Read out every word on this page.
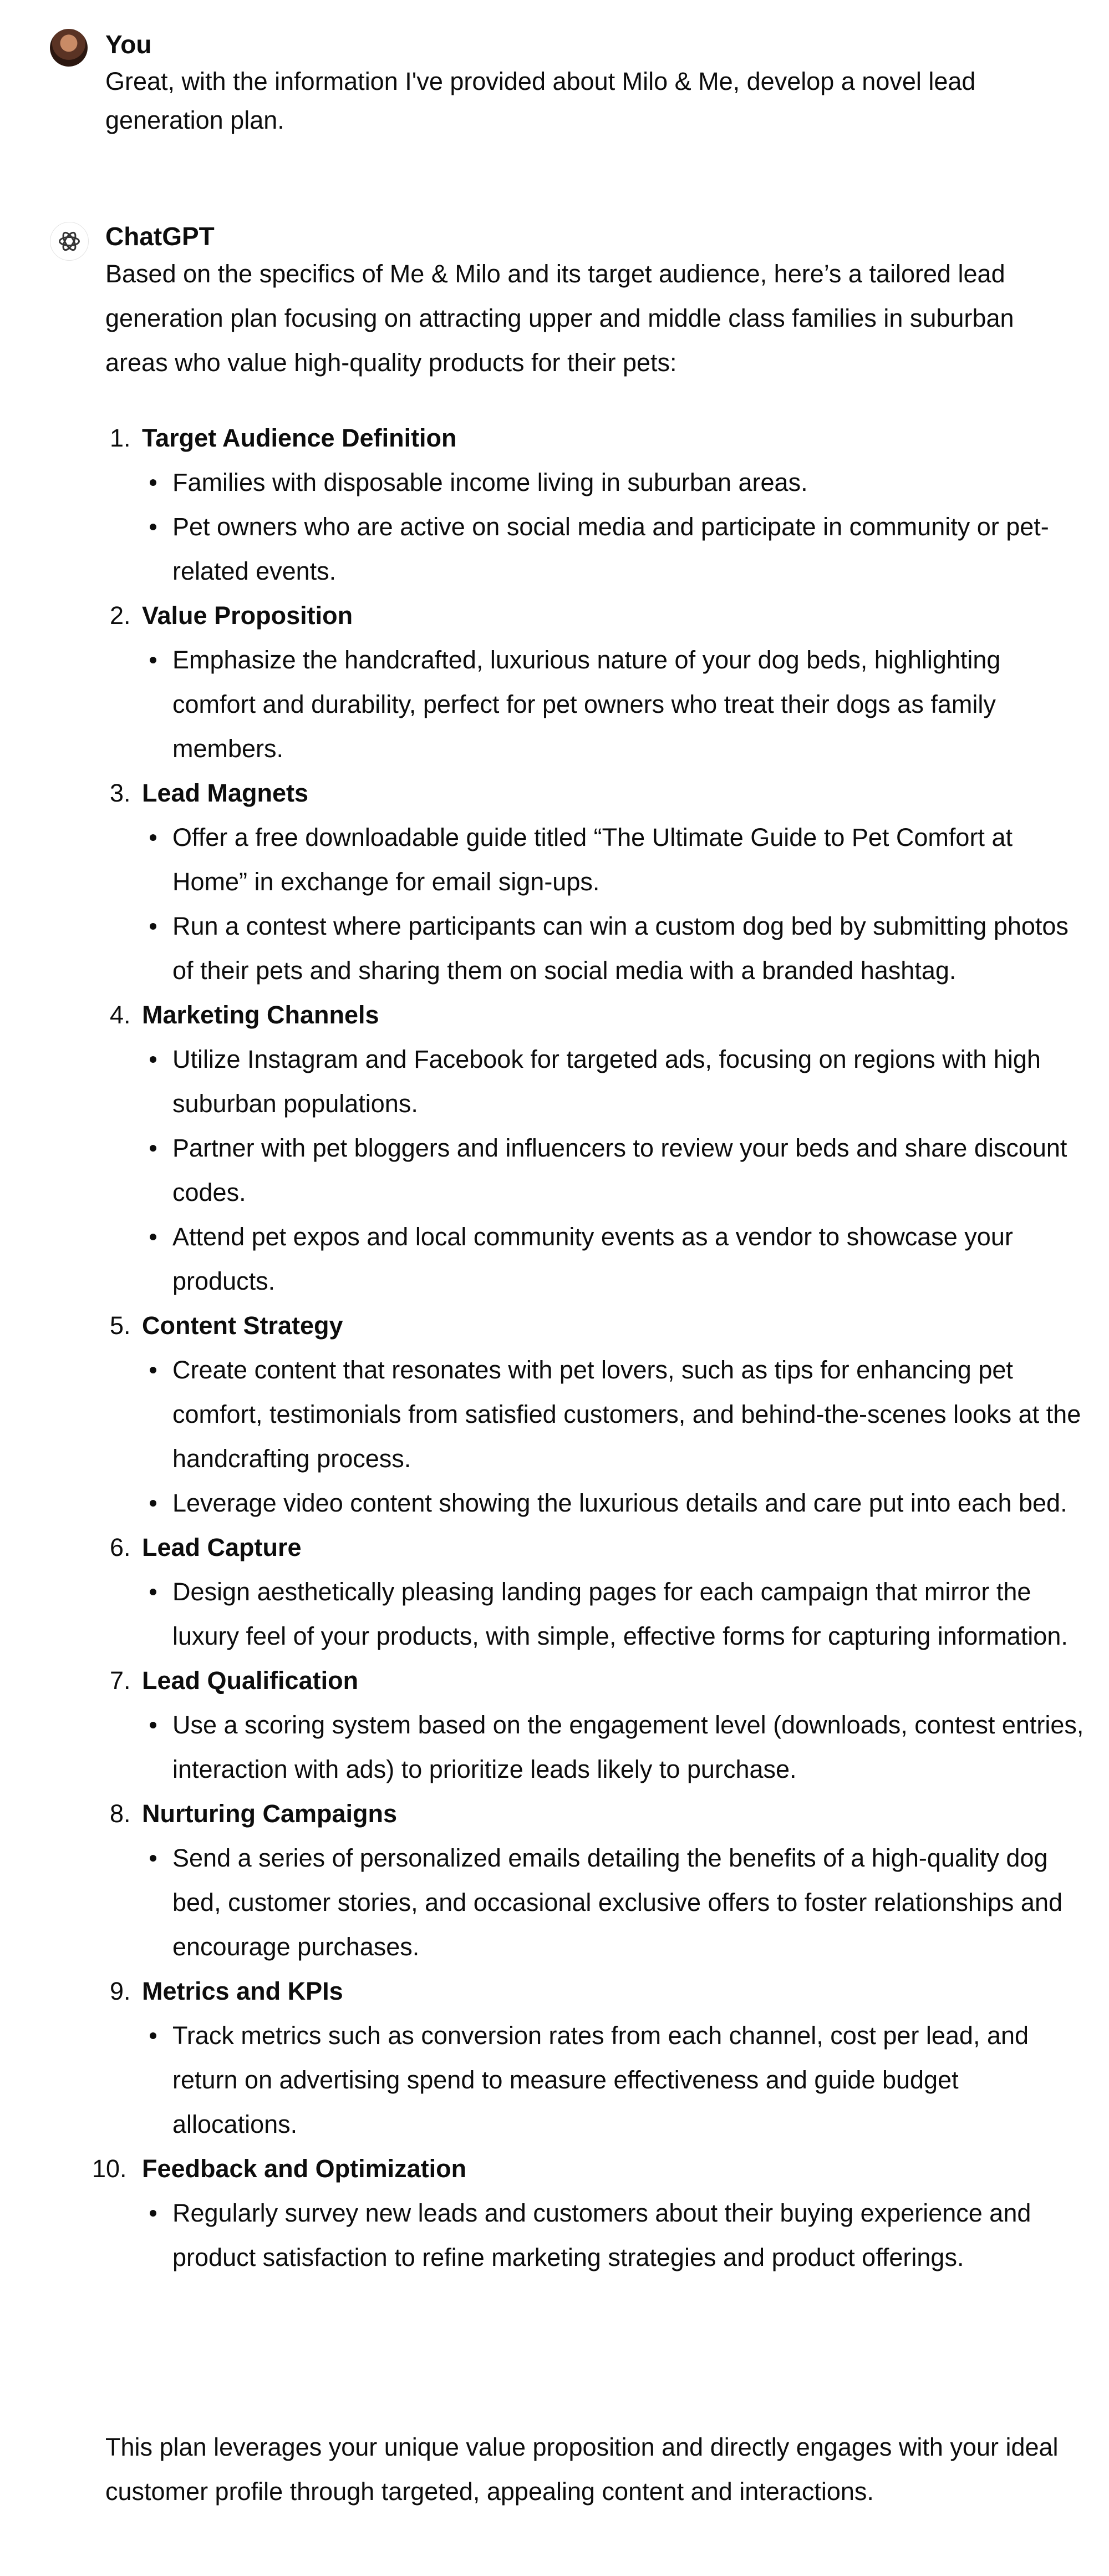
You
Great, with the information I've provided about Milo & Me, develop a novel lead generation plan.
ChatGPT
Based on the specifics of Me & Milo and its target audience, here’s a tailored lead generation plan focusing on attracting upper and middle class families in suburban areas who value high-quality products for their pets:
1. Target Audience Definition
Families with disposable income living in suburban areas.
Pet owners who are active on social media and participate in community or pet-related events.
2. Value Proposition
Emphasize the handcrafted, luxurious nature of your dog beds, highlighting comfort and durability, perfect for pet owners who treat their dogs as family members.
3. Lead Magnets
Offer a free downloadable guide titled “The Ultimate Guide to Pet Comfort at Home” in exchange for email sign-ups.
Run a contest where participants can win a custom dog bed by submitting photos of their pets and sharing them on social media with a branded hashtag.
4. Marketing Channels
Utilize Instagram and Facebook for targeted ads, focusing on regions with high suburban populations.
Partner with pet bloggers and influencers to review your beds and share discount codes.
Attend pet expos and local community events as a vendor to showcase your products.
5. Content Strategy
Create content that resonates with pet lovers, such as tips for enhancing pet comfort, testimonials from satisfied customers, and behind-the-scenes looks at the handcrafting process.
Leverage video content showing the luxurious details and care put into each bed.
6. Lead Capture
Design aesthetically pleasing landing pages for each campaign that mirror the luxury feel of your products, with simple, effective forms for capturing information.
7. Lead Qualification
Use a scoring system based on the engagement level (downloads, contest entries, interaction with ads) to prioritize leads likely to purchase.
8. Nurturing Campaigns
Send a series of personalized emails detailing the benefits of a high-quality dog bed, customer stories, and occasional exclusive offers to foster relationships and encourage purchases.
9. Metrics and KPIs
Track metrics such as conversion rates from each channel, cost per lead, and return on advertising spend to measure effectiveness and guide budget allocations.
10. Feedback and Optimization
Regularly survey new leads and customers about their buying experience and product satisfaction to refine marketing strategies and product offerings.
This plan leverages your unique value proposition and directly engages with your ideal customer profile through targeted, appealing content and interactions.
